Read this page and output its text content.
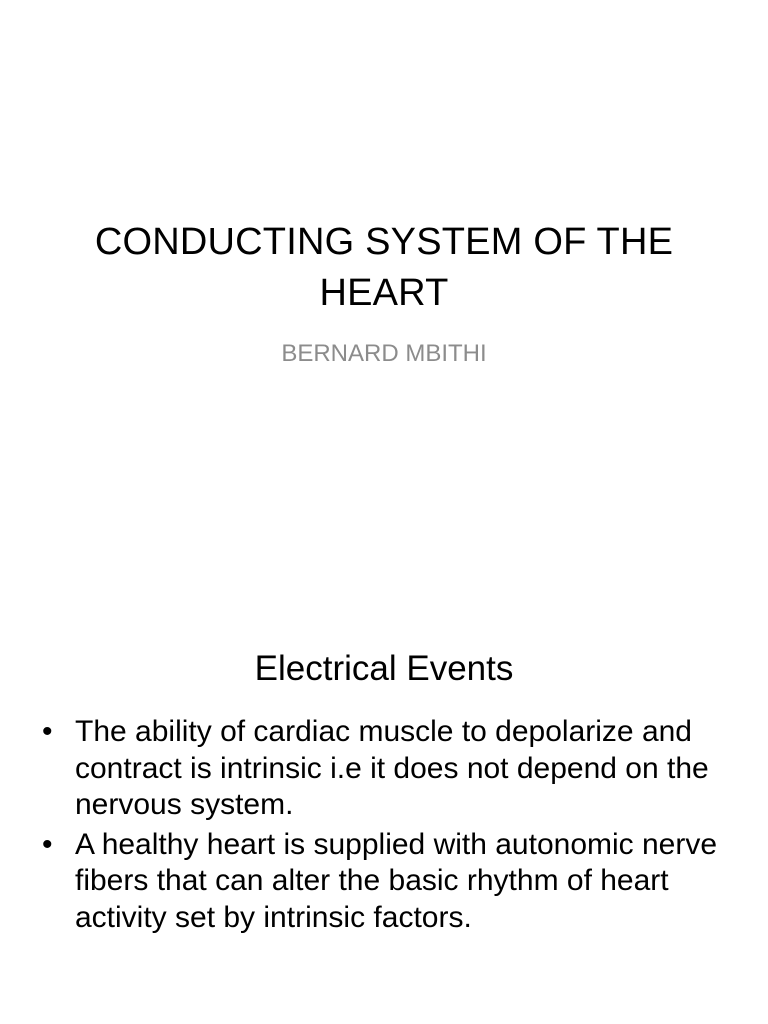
CONDUCTING SYSTEM OF THE HEART
BERNARD MBITHI
Electrical Events
• The ability of cardiac muscle to depolarize and contract is intrinsic i.e it does not depend on the nervous system.
• A healthy heart is supplied with autonomic nerve fibers that can alter the basic rhythm of heart activity set by intrinsic factors.
